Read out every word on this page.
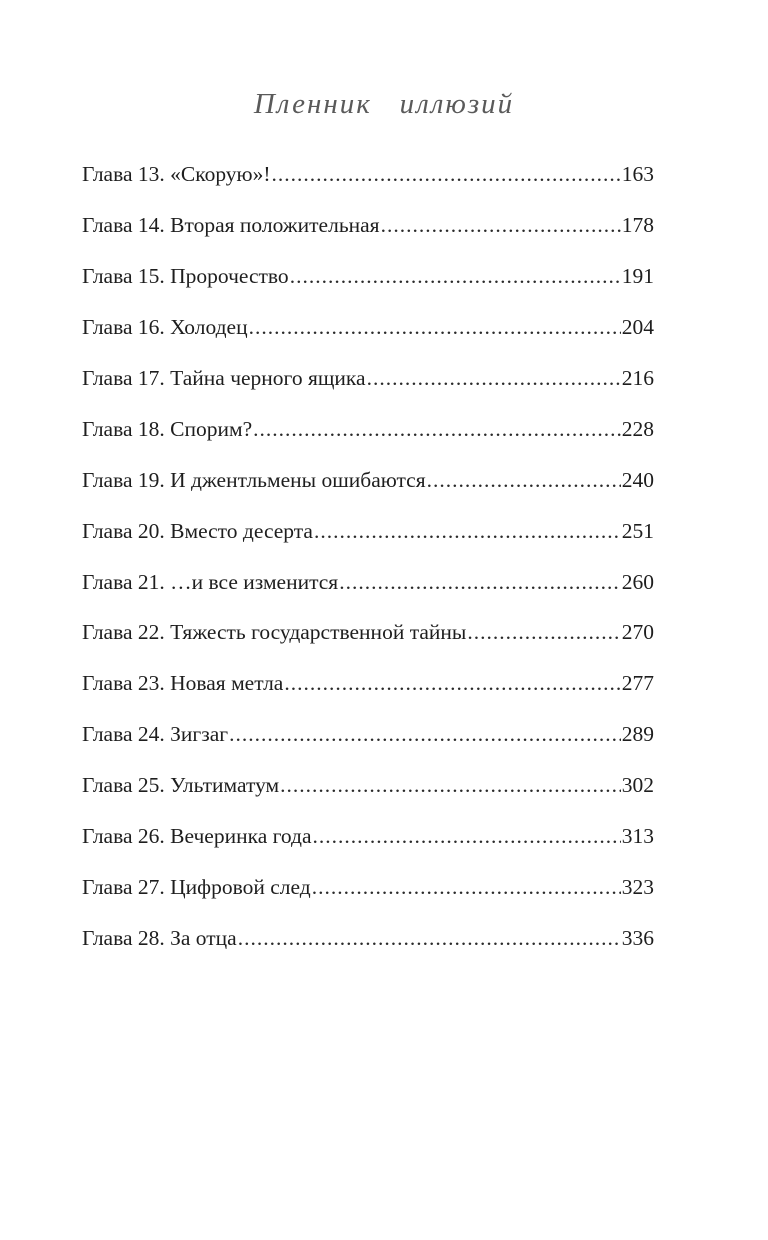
Пленник   иллюзий
Глава 13. «Скорую»! .....	163
Глава 14. Вторая положительная .....	178
Глава 15. Пророчество .....	191
Глава 16. Холодец .....	204
Глава 17. Тайна черного ящика .....	216
Глава 18. Спорим? .....	228
Глава 19. И джентльмены ошибаются .....	240
Глава 20. Вместо десерта .....	251
Глава 21. …и все изменится .....	260
Глава 22. Тяжесть государственной тайны .....	270
Глава 23. Новая метла .....	277
Глава 24. Зигзаг .....	289
Глава 25. Ультиматум .....	302
Глава 26. Вечеринка года .....	313
Глава 27. Цифровой след .....	323
Глава 28. За отца .....	336
